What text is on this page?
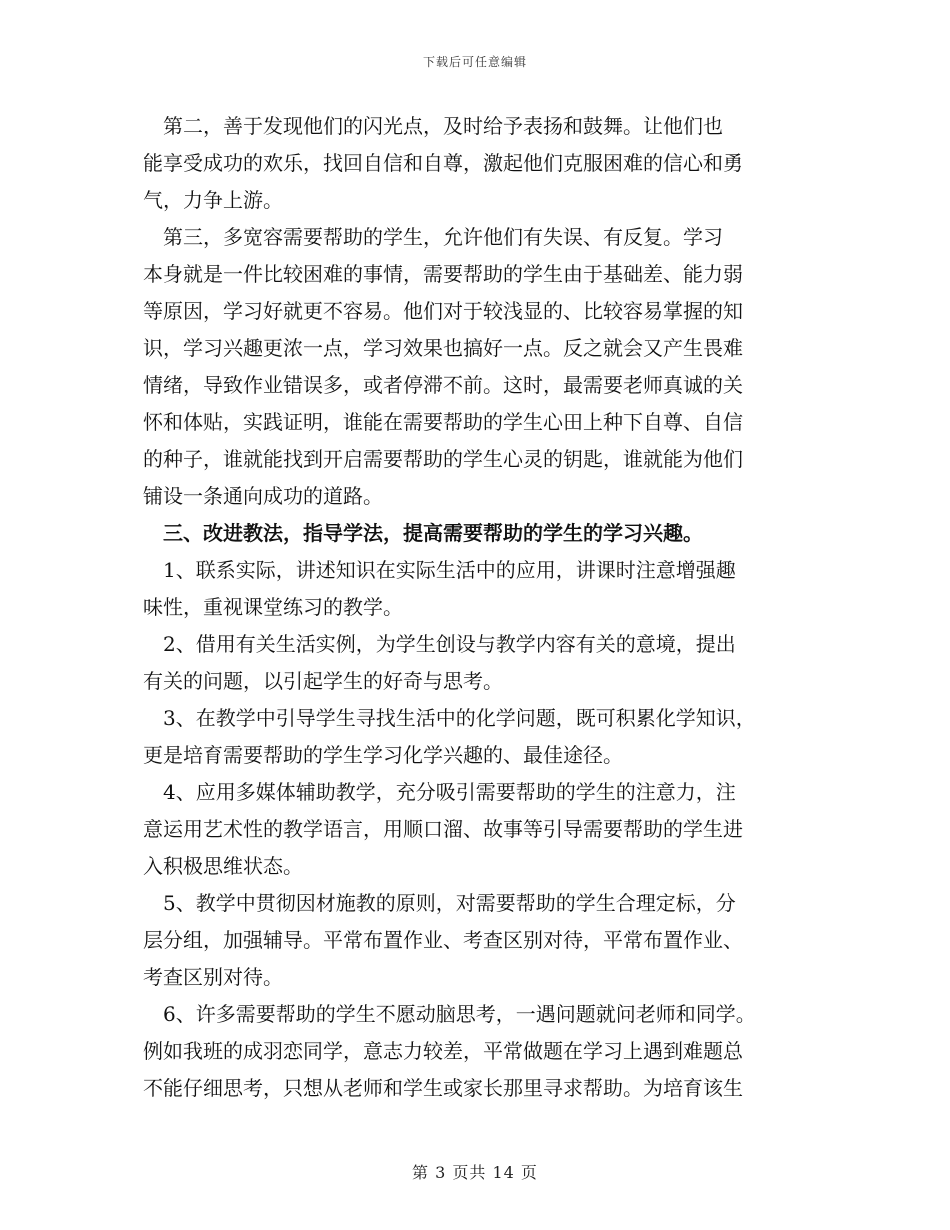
下载后可任意编辑
　第二，善于发现他们的闪光点，及时给予表扬和鼓舞。让他们也
能享受成功的欢乐，找回自信和自尊，激起他们克服困难的信心和勇
气，力争上游。
　第三，多宽容需要帮助的学生，允许他们有失误、有反复。学习
本身就是一件比较困难的事情，需要帮助的学生由于基础差、能力弱
等原因，学习好就更不容易。他们对于较浅显的、比较容易掌握的知
识，学习兴趣更浓一点，学习效果也搞好一点。反之就会又产生畏难
情绪，导致作业错误多，或者停滞不前。这时，最需要老师真诚的关
怀和体贴，实践证明，谁能在需要帮助的学生心田上种下自尊、自信
的种子，谁就能找到开启需要帮助的学生心灵的钥匙，谁就能为他们
铺设一条通向成功的道路。
　三、改进教法，指导学法，提高需要帮助的学生的学习兴趣。
　1、联系实际，讲述知识在实际生活中的应用，讲课时注意增强趣
味性，重视课堂练习的教学。
　2、借用有关生活实例，为学生创设与教学内容有关的意境，提出
有关的问题，以引起学生的好奇与思考。
　3、在教学中引导学生寻找生活中的化学问题，既可积累化学知识，
更是培育需要帮助的学生学习化学兴趣的、最佳途径。
　4、应用多媒体辅助教学，充分吸引需要帮助的学生的注意力，注
意运用艺术性的教学语言，用顺口溜、故事等引导需要帮助的学生进
入积极思维状态。
　5、教学中贯彻因材施教的原则，对需要帮助的学生合理定标，分
层分组，加强辅导。平常布置作业、考查区别对待，平常布置作业、
考查区别对待。
　6、许多需要帮助的学生不愿动脑思考，一遇问题就问老师和同学。
例如我班的成羽恋同学，意志力较差，平常做题在学习上遇到难题总
不能仔细思考，只想从老师和学生或家长那里寻求帮助。为培育该生
第 3 页共 14 页
